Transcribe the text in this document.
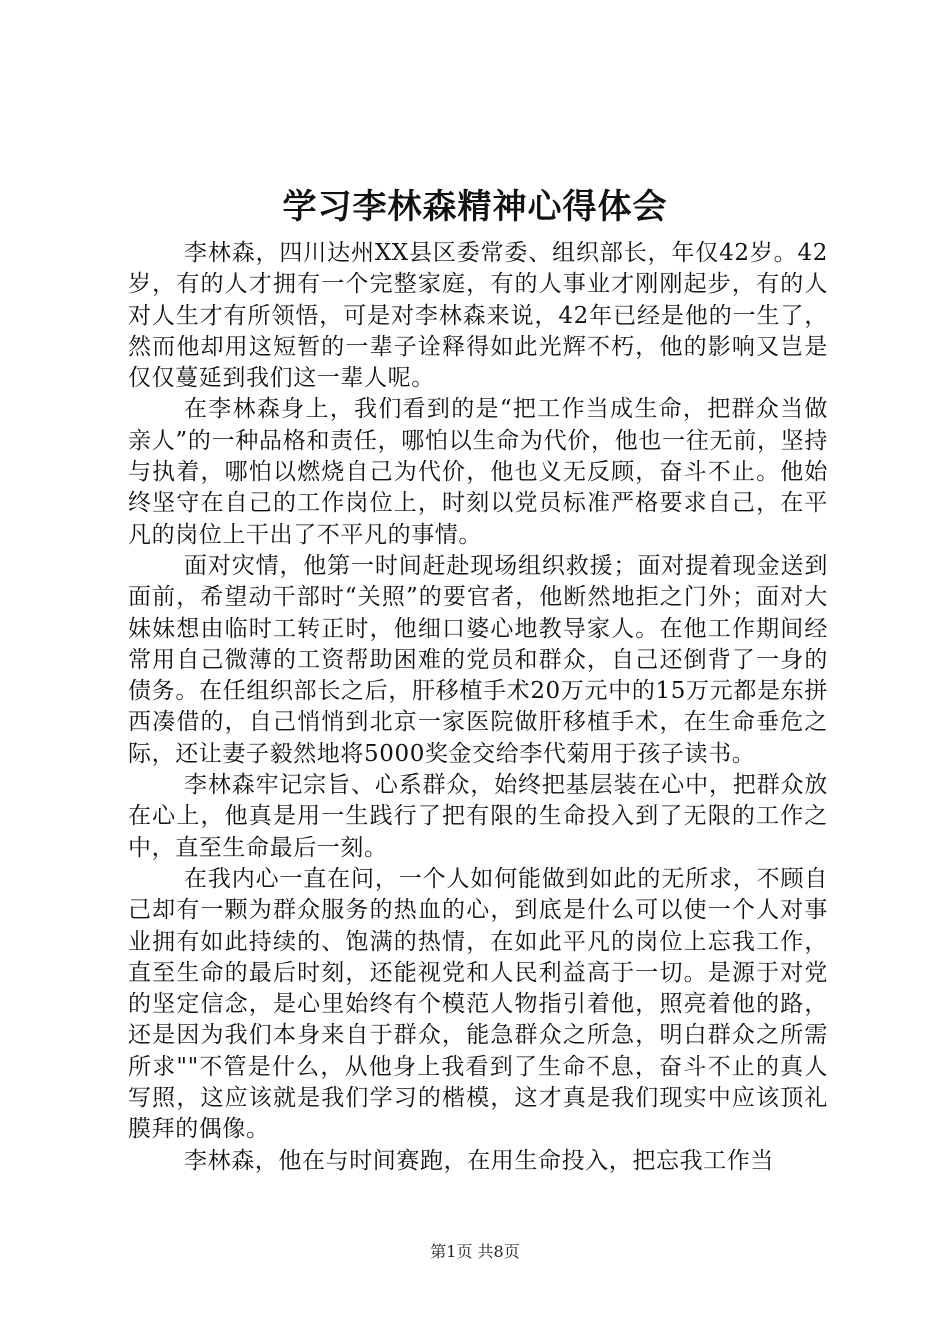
学习李林森精神心得体会

李林森，四川达州XX县区委常委、组织部长，年仅42岁。42岁，有的人才拥有一个完整家庭，有的人事业才刚刚起步，有的人对人生才有所领悟，可是对李林森来说，42年已经是他的一生了，然而他却用这短暂的一辈子诠释得如此光辉不朽，他的影响又岂是仅仅蔓延到我们这一辈人呢。

在李林森身上，我们看到的是“把工作当成生命，把群众当做亲人”的一种品格和责任，哪怕以生命为代价，他也一往无前，坚持与执着，哪怕以燃烧自己为代价，他也义无反顾，奋斗不止。他始终坚守在自己的工作岗位上，时刻以党员标准严格要求自己，在平凡的岗位上干出了不平凡的事情。

面对灾情，他第一时间赶赴现场组织救援；面对提着现金送到面前，希望动干部时“关照”的要官者，他断然地拒之门外；面对大妹妹想由临时工转正时，他细口婆心地教导家人。在他工作期间经常用自己微薄的工资帮助困难的党员和群众，自己还倒背了一身的债务。在任组织部长之后，肝移植手术20万元中的15万元都是东拼西凑借的，自己悄悄到北京一家医院做肝移植手术，在生命垂危之际，还让妻子毅然地将5000奖金交给李代菊用于孩子读书。

李林森牢记宗旨、心系群众，始终把基层装在心中，把群众放在心上，他真是用一生践行了把有限的生命投入到了无限的工作之中，直至生命最后一刻。

在我内心一直在问，一个人如何能做到如此的无所求，不顾自己却有一颗为群众服务的热血的心，到底是什么可以使一个人对事业拥有如此持续的、饱满的热情，在如此平凡的岗位上忘我工作，直至生命的最后时刻，还能视党和人民利益高于一切。是源于对党的坚定信念，是心里始终有个模范人物指引着他，照亮着他的路，还是因为我们本身来自于群众，能急群众之所急，明白群众之所需所求""不管是什么，从他身上我看到了生命不息，奋斗不止的真人写照，这应该就是我们学习的楷模，这才真是我们现实中应该顶礼膜拜的偶像。

李林森，他在与时间赛跑，在用生命投入，把忘我工作当

第1页 共8页
